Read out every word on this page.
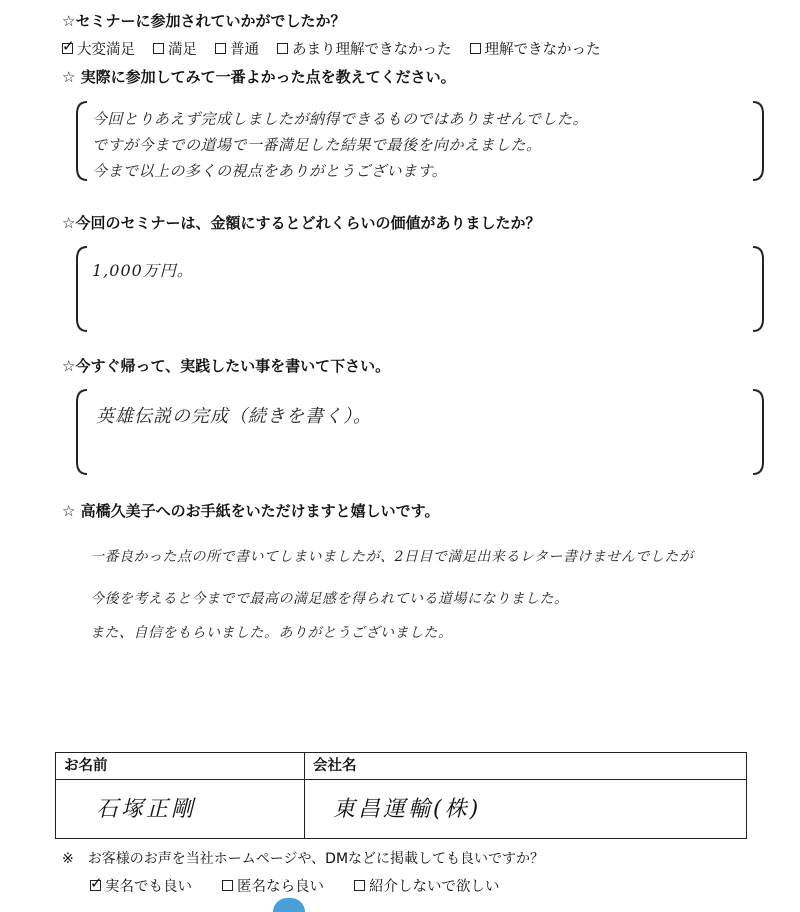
☆セミナーに参加されていかがでしたか？
✓
大変満足 満足 普通 あまり理解できなかった 理解できなかった
☆ 実際に参加してみて一番よかった点を教えてください。
今回とりあえず完成しましたが納得できるものではありませんでした。
ですが今までの道場で一番満足した結果で最後を向かえました。
今まで以上の多くの視点をありがとうございます。
☆今回のセミナーは、金額にするとどれくらいの価値がありましたか？
1,000万円。
☆今すぐ帰って、実践したい事を書いて下さい。
英雄伝説の完成（続きを書く）。
☆ 高橋久美子へのお手紙をいただけますと嬉しいです。
一番良かった点の所で書いてしまいましたが、2日目で満足出来るレター書けませんでしたが
今後を考えると今までで最高の満足感を得られている道場になりました。
また、自信をもらいました。ありがとうございました。
お名前	会社名

石塚正剛	東昌運輸(株)
※　お客様のお声を当社ホームページや、DMなどに掲載しても良いですか？
✓
実名でも良い	匿名なら良い	紹介しないで欲しい
